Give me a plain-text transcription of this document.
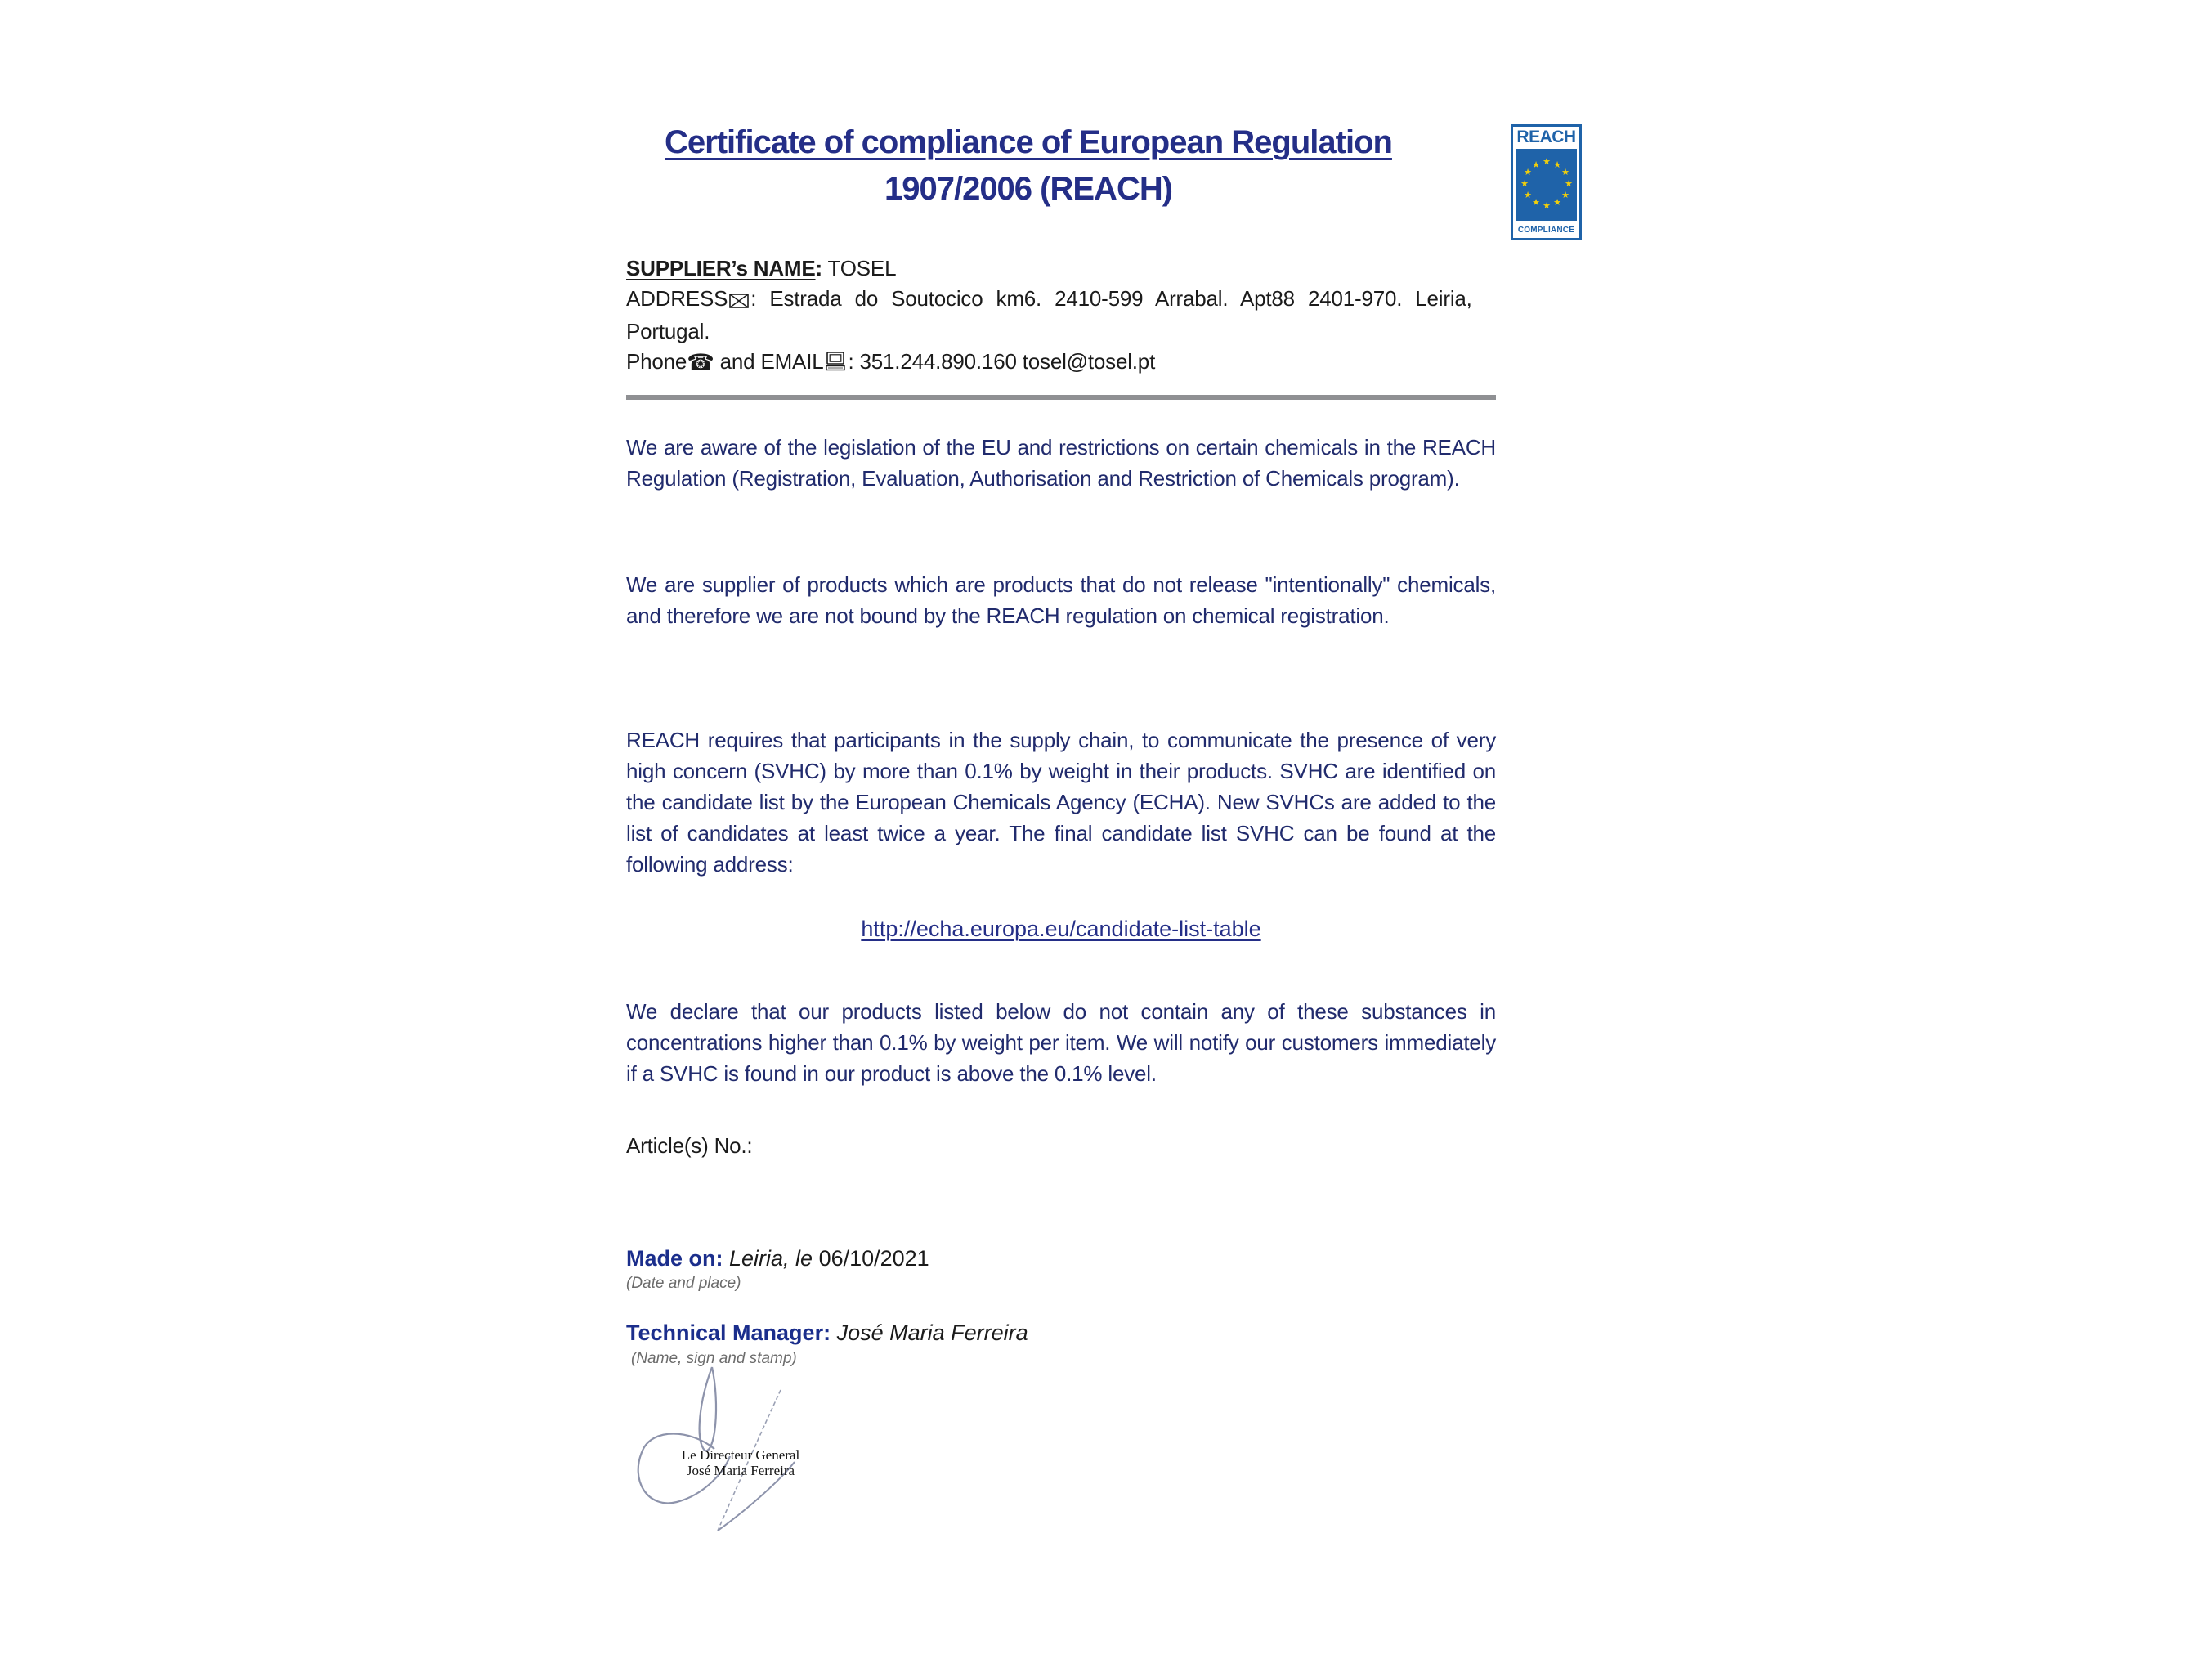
Certificate of compliance of European Regulation
1907/2006 (REACH)
REACH
★ ★
★
★
★
★
★
★
★
★
★
★
COMPLIANCE
SUPPLIER’s NAME: TOSEL
ADDRESS : Estrada do Soutocico km6. 2410-599 Arrabal. Apt88 2401-970. Leiria,
Portugal.
Phone☎ and EMAIL : 351.244.890.160 tosel@tosel.pt
We are aware of the legislation of the EU and restrictions on certain chemicals in the REACH Regulation (Registration, Evaluation, Authorisation and Restriction of Chemicals program).
We are supplier of products which are products that do not release "intentionally" chemicals, and therefore we are not bound by the REACH regulation on chemical registration.
REACH requires that participants in the supply chain, to communicate the presence of very high concern (SVHC) by more than 0.1% by weight in their products. SVHC are identified on the candidate list by the European Chemicals Agency (ECHA). New SVHCs are added to the list of candidates at least twice a year. The final candidate list SVHC can be found at the following address:
http://echa.europa.eu/candidate-list-table
We declare that our products listed below do not contain any of these substances in concentrations higher than 0.1% by weight per item. We will notify our customers immediately if a SVHC is found in our product is above the 0.1% level.
Article(s) No.:
Made on: Leiria, le 06/10/2021
(Date and place)
Technical Manager: José Maria Ferreira
(Name, sign and stamp)
Le Directeur General
José Maria Ferreira
